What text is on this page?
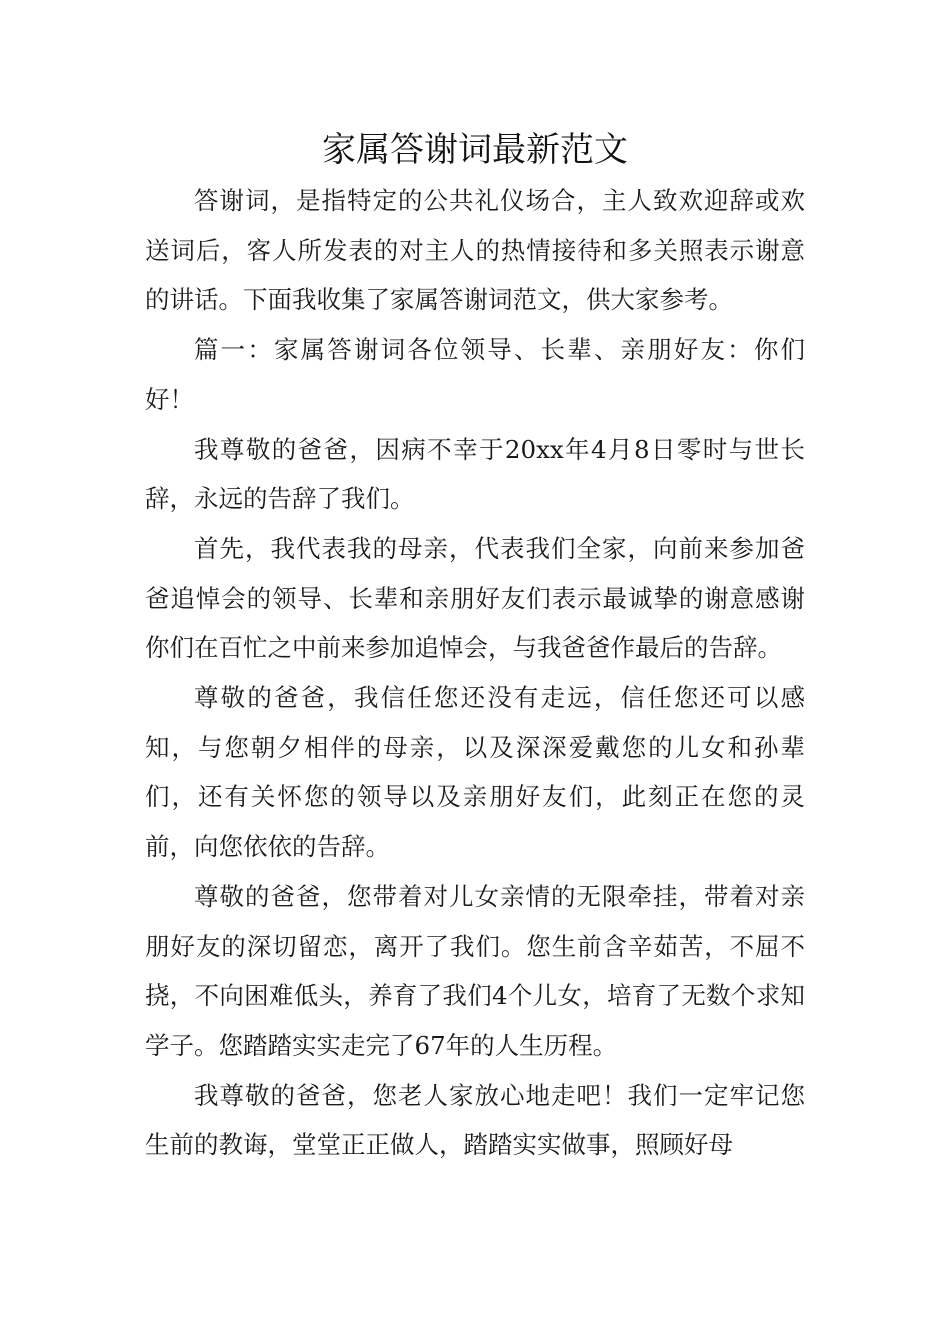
家属答谢词最新范文

答谢词，是指特定的公共礼仪场合，主人致欢迎辞或欢送词后，客人所发表的对主人的热情接待和多关照表示谢意的讲话。下面我收集了家属答谢词范文，供大家参考。

篇一：家属答谢词各位领导、长辈、亲朋好友：你们好！

我尊敬的爸爸，因病不幸于20xx年4月8日零时与世长辞，永远的告辞了我们。

首先，我代表我的母亲，代表我们全家，向前来参加爸爸追悼会的领导、长辈和亲朋好友们表示最诚挚的谢意感谢你们在百忙之中前来参加追悼会，与我爸爸作最后的告辞。

尊敬的爸爸，我信任您还没有走远，信任您还可以感知，与您朝夕相伴的母亲，以及深深爱戴您的儿女和孙辈们，还有关怀您的领导以及亲朋好友们，此刻正在您的灵前，向您依依的告辞。

尊敬的爸爸，您带着对儿女亲情的无限牵挂，带着对亲朋好友的深切留恋，离开了我们。您生前含辛茹苦，不屈不挠，不向困难低头，养育了我们4个儿女，培育了无数个求知学子。您踏踏实实走完了67年的人生历程。

我尊敬的爸爸，您老人家放心地走吧！我们一定牢记您生前的教诲，堂堂正正做人，踏踏实实做事，照顾好母
